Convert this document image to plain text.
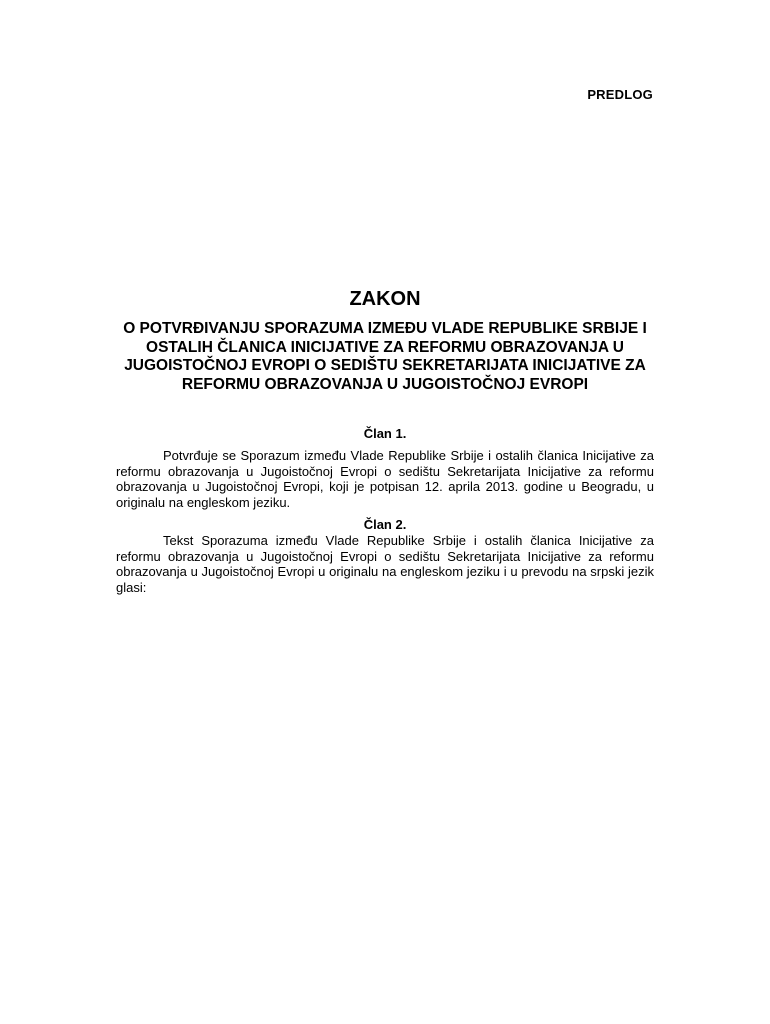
PREDLOG
ZAKON
O POTVRĐIVANJU SPORAZUMA IZMEĐU VLADE REPUBLIKE SRBIJE I OSTALIH ČLANICA INICIJATIVE ZA REFORMU OBRAZOVANJA U JUGOISTOČNOJ EVROPI O SEDIŠTU SEKRETARIJATA INICIJATIVE ZA REFORMU OBRAZOVANJA U JUGOISTOČNOJ EVROPI
Član 1.

Potvrđuje se Sporazum između Vlade Republike Srbije i ostalih članica Inicijative za reformu obrazovanja u Jugoistočnoj Evropi o sedištu Sekretarijata Inicijative za reformu obrazovanja u Jugoistočnoj Evropi, koji je potpisan 12. aprila 2013. godine u Beogradu, u originalu na engleskom jeziku.

Član 2.

Tekst Sporazuma između Vlade Republike Srbije i ostalih članica Inicijative za reformu obrazovanja u Jugoistočnoj Evropi o sedištu Sekretarijata Inicijative za reformu obrazovanja u Jugoistočnoj Evropi u originalu na engleskom jeziku i u prevodu na srpski jezik glasi:
